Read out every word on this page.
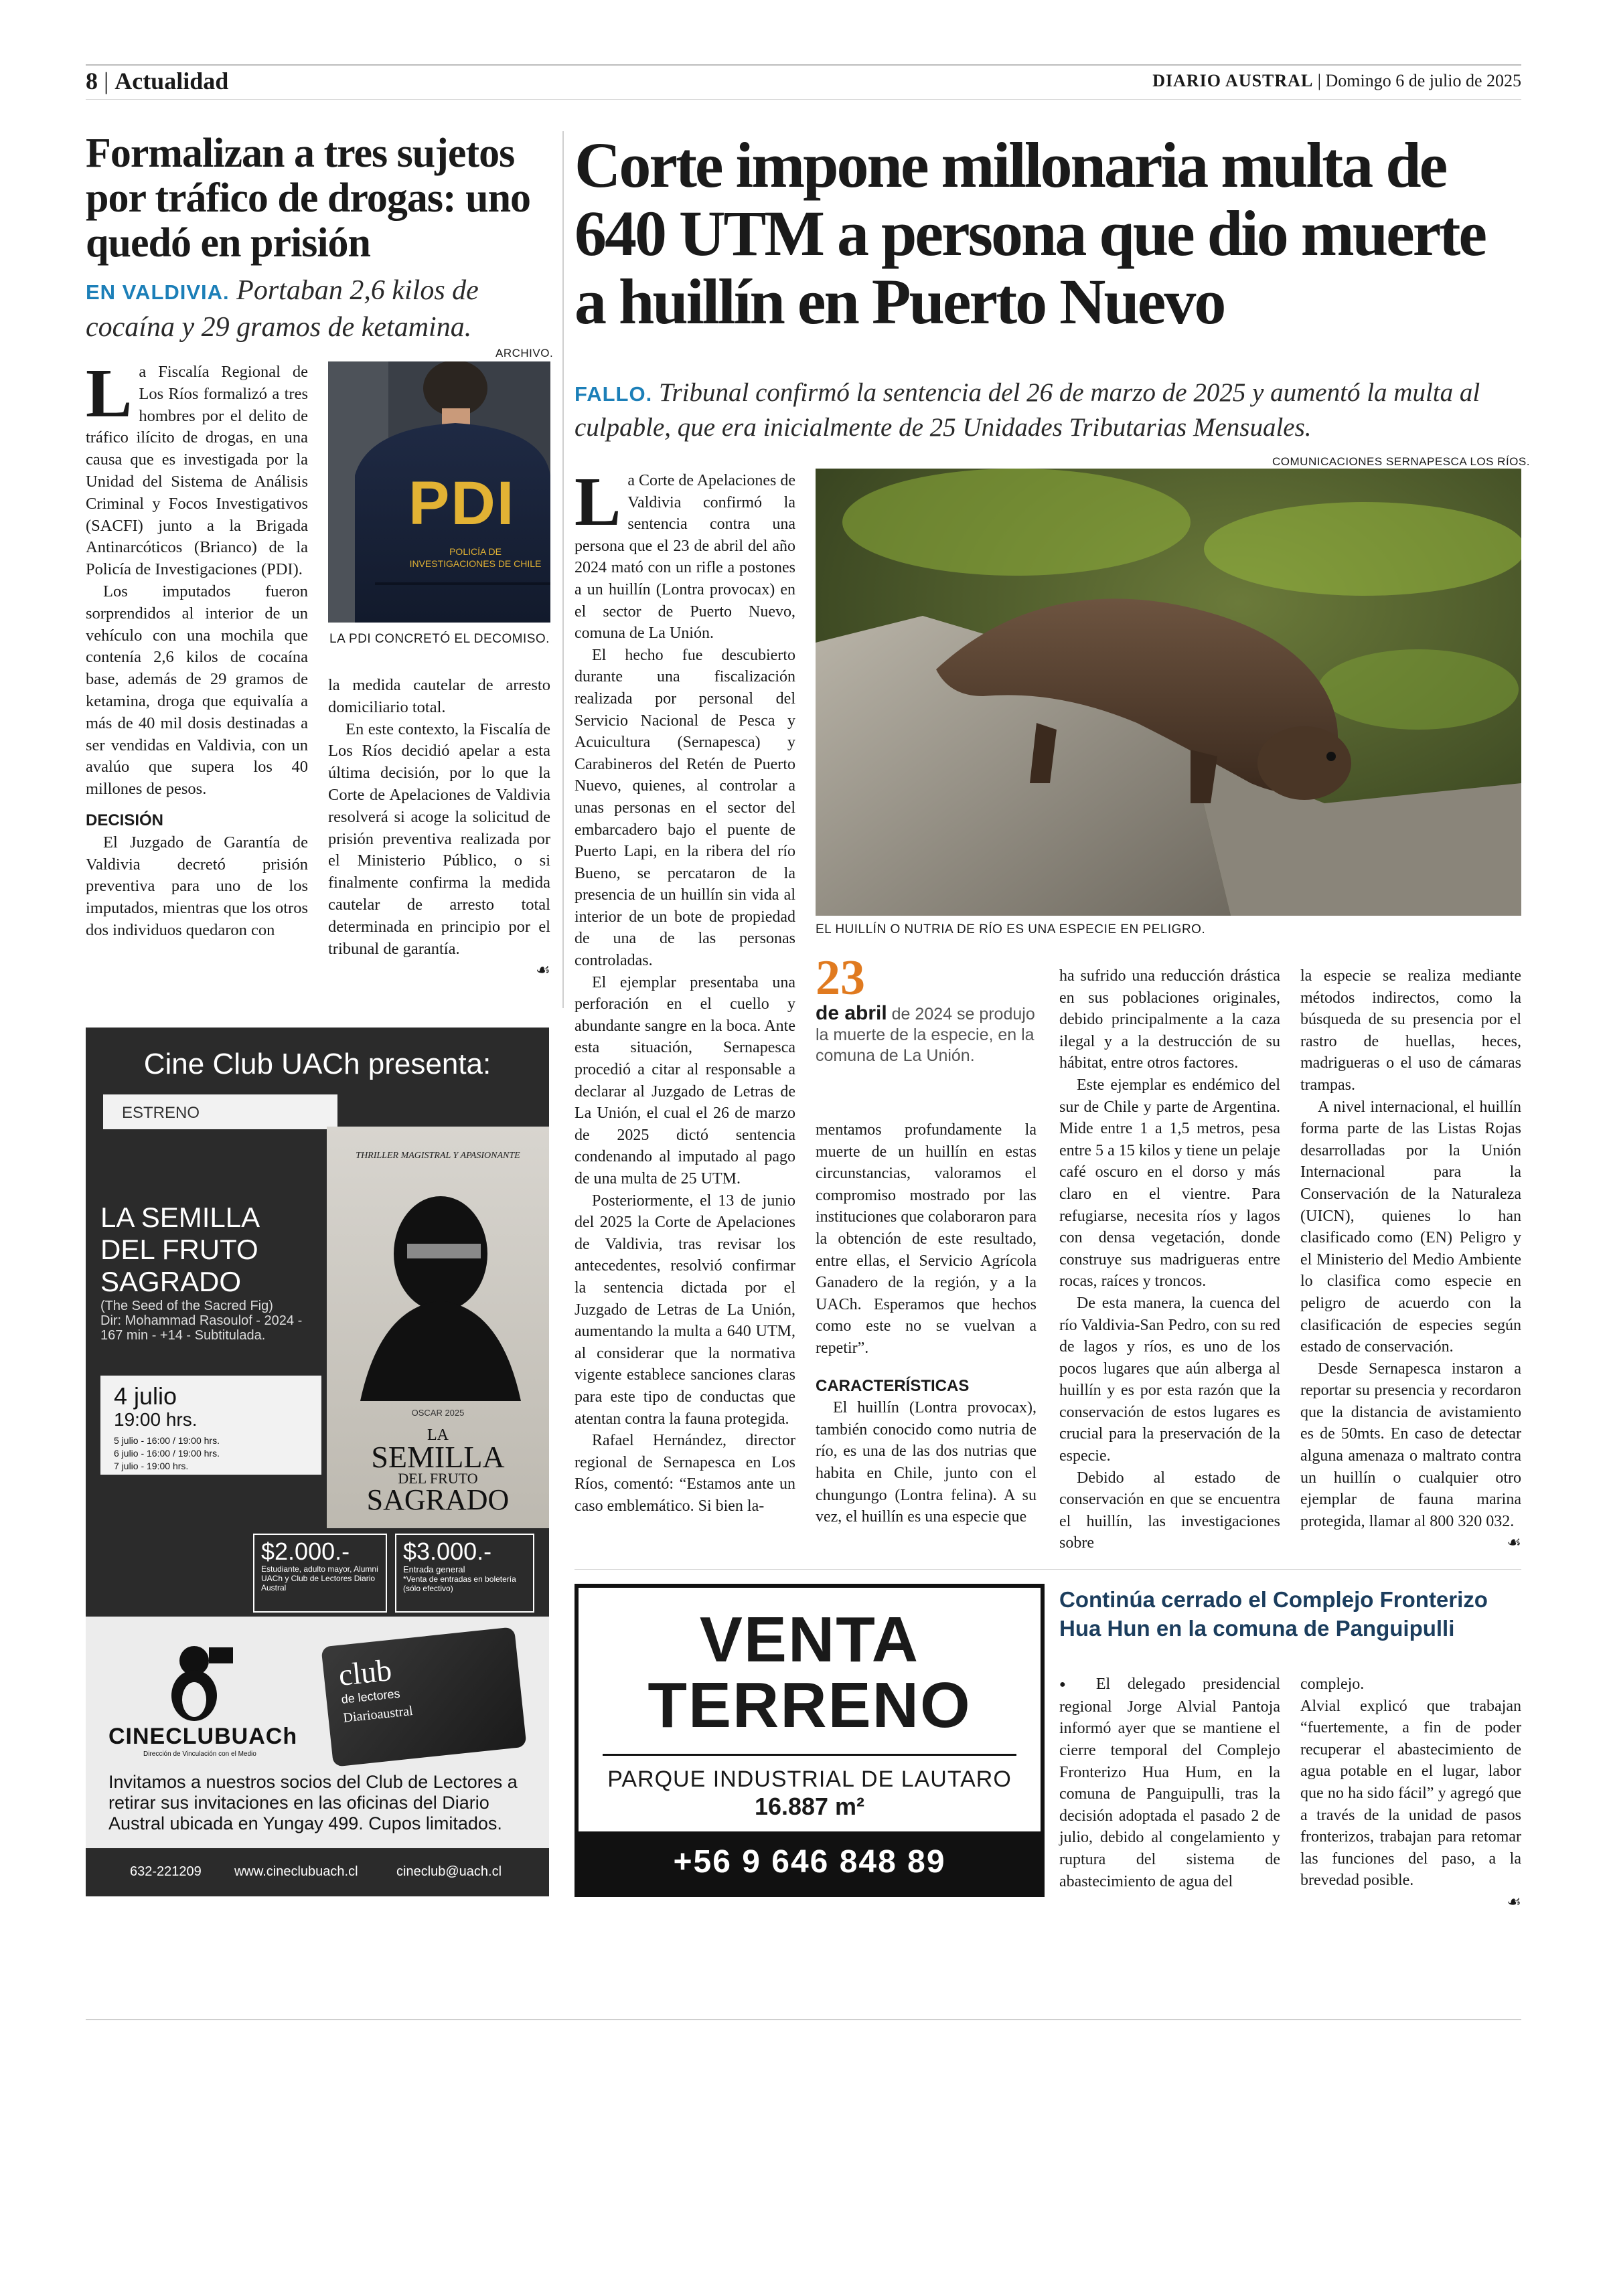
8 | Actualidad	DIARIO AUSTRAL | Domingo 6 de julio de 2025
Formalizan a tres sujetos por tráfico de drogas: uno quedó en prisión
EN VALDIVIA. Portaban 2,6 kilos de cocaína y 29 gramos de ketamina.

La Fiscalía Regional de Los Ríos formalizó a tres hombres por el delito de tráfico ilícito de drogas, en una causa que es investigada por la Unidad del Sistema de Análisis Criminal y Focos Investigativos (SACFI) junto a la Brigada Antinarcóticos (Brianco) de la Policía de Investigaciones (PDI).

Los imputados fueron sorprendidos al interior de un vehículo con una mochila que contenía 2,6 kilos de cocaína base, además de 29 gramos de ketamina, droga que equivalía a más de 40 mil dosis destinadas a ser vendidas en Valdivia, con un avalúo que supera los 40 millones de pesos.

DECISIÓN

El Juzgado de Garantía de Valdivia decretó prisión preventiva para uno de los imputados, mientras que los otros dos individuos quedaron con

ARCHIVO.
PDI
POLICÍA DE INVESTIGACIONES DE CHILE
LA PDI CONCRETÓ EL DECOMISO.

la medida cautelar de arresto domiciliario total.

En este contexto, la Fiscalía de Los Ríos decidió apelar a esta última decisión, por lo que la Corte de Apelaciones de Valdivia resolverá si acoge la solicitud de prisión preventiva realizada por el Ministerio Público, o si finalmente confirma la medida cautelar de arresto total determinada en principio por el tribunal de garantía.

☙

Corte impone millonaria multa de 640 UTM a persona que dio muerte a huillín en Puerto Nuevo
FALLO. Tribunal confirmó la sentencia del 26 de marzo de 2025 y aumentó la multa al culpable, que era inicialmente de 25 Unidades Tributarias Mensuales.
COMUNICACIONES SERNAPESCA LOS RÍOS.
EL HUILLÍN O NUTRIA DE RÍO ES UNA ESPECIE EN PELIGRO.

La Corte de Apelaciones de Valdivia confirmó la sentencia contra una persona que el 23 de abril del año 2024 mató con un rifle a postones a un huillín (Lontra provocax) en el sector de Puerto Nuevo, comuna de La Unión.

El hecho fue descubierto durante una fiscalización realizada por personal del Servicio Nacional de Pesca y Acuicultura (Sernapesca) y Carabineros del Retén de Puerto Nuevo, quienes, al controlar a unas personas en el sector del embarcadero bajo el puente de Puerto Lapi, en la ribera del río Bueno, se percataron de la presencia de un huillín sin vida al interior de un bote de propiedad de una de las personas controladas.

El ejemplar presentaba una perforación en el cuello y abundante sangre en la boca. Ante esta situación, Sernapesca procedió a citar al responsable a declarar al Juzgado de Letras de La Unión, el cual el 26 de marzo de 2025 dictó sentencia condenando al imputado al pago de una multa de 25 UTM.

Posteriormente, el 13 de junio del 2025 la Corte de Apelaciones de Valdivia, tras revisar los antecedentes, resolvió confirmar la sentencia dictada por el Juzgado de Letras de La Unión, aumentando la multa a 640 UTM, al considerar que la normativa vigente establece sanciones claras para este tipo de conductas que atentan contra la fauna protegida.

Rafael Hernández, director regional de Sernapesca en Los Ríos, comentó: “Estamos ante un caso emblemático. Si bien la-

23
de abril de 2024 se produjo la muerte de la especie, en la comuna de La Unión.

mentamos profundamente la muerte de un huillín en estas circunstancias, valoramos el compromiso mostrado por las instituciones que colaboraron para la obtención de este resultado, entre ellas, el Servicio Agrícola Ganadero de la región, y a la UACh. Esperamos que hechos como este no se vuelvan a repetir”.

CARACTERÍSTICAS

El huillín (Lontra provocax), también conocido como nutria de río, es una de las dos nutrias que habita en Chile, junto con el chungungo (Lontra felina). A su vez, el huillín es una especie que

ha sufrido una reducción drástica en sus poblaciones originales, debido principalmente a la caza ilegal y a la destrucción de su hábitat, entre otros factores.

Este ejemplar es endémico del sur de Chile y parte de Argentina. Mide entre 1 a 1,5 metros, pesa entre 5 a 15 kilos y tiene un pelaje café oscuro en el dorso y más claro en el vientre. Para refugiarse, necesita ríos y lagos con densa vegetación, donde construye sus madrigueras entre rocas, raíces y troncos.

De esta manera, la cuenca del río Valdivia-San Pedro, con su red de lagos y ríos, es uno de los pocos lugares que aún alberga al huillín y es por esta razón que la conservación de estos lugares es crucial para la preservación de la especie.

Debido al estado de conservación en que se encuentra el huillín, las investigaciones sobre

la especie se realiza mediante métodos indirectos, como la búsqueda de su presencia por el rastro de huellas, heces, madrigueras o el uso de cámaras trampas.

A nivel internacional, el huillín forma parte de las Listas Rojas desarrolladas por la Unión Internacional para la Conservación de la Naturaleza (UICN), quienes lo han clasificado como (EN) Peligro y el Ministerio del Medio Ambiente lo clasifica como especie en peligro de acuerdo con la clasificación de especies según estado de conservación.

Desde Sernapesca instaron a reportar su presencia y recordaron que la distancia de avistamiento es de 50mts. En caso de detectar alguna amenaza o maltrato contra un huillín o cualquier otro ejemplar de fauna marina protegida, llamar al 800 320 032.

☙

Cine Club UACh presenta:
ESTRENO
THRILLER MAGISTRAL Y APASIONANTE
OSCAR 2025
LA
SEMILLA
DEL FRUTO
SAGRADO
LA SEMILLA DEL FRUTO SAGRADO
(The Seed of the Sacred Fig)
Dir: Mohammad Rasoulof - 2024 -
167 min - +14 - Subtitulada.
4 julio
19:00 hrs.
5 julio - 16:00 / 19:00 hrs.
6 julio - 16:00 / 19:00 hrs.
7 julio - 19:00 hrs.
$2.000.-
Estudiante, adulto mayor, Alumni UACh y Club de Lectores Diario Austral
$3.000.-
Entrada general
*Venta de entradas en boletería (sólo efectivo)
CINECLUBUACh
Dirección de Vinculación con el Medio
club
de lectores
Diarioaustral
Invitamos a nuestros socios del Club de Lectores a retirar sus invitaciones en las oficinas del Diario Austral ubicada en Yungay 499. Cupos limitados.
632-221209 www.cineclubuach.cl	cineclub@uach.cl
VENTA
TERRENO
PARQUE INDUSTRIAL DE LAUTARO
16.887 m²
+56 9 646 848 89
Continúa cerrado el Complejo Fronterizo Hua Hun en la comuna de Panguipulli

● El delegado presidencial regional Jorge Alvial Pantoja informó ayer que se mantiene el cierre temporal del Complejo Fronterizo Hua Hum, en la comuna de Panguipulli, tras la decisión adoptada el pasado 2 de julio, debido al congelamiento y ruptura del sistema de abastecimiento de agua del

complejo.

Alvial explicó que trabajan “fuertemente, a fin de poder recuperar el abastecimiento de agua potable en el lugar, labor que no ha sido fácil” y agregó que a través de la unidad de pasos fronterizos, trabajan para retomar las funciones del paso, a la brevedad posible.

☙
